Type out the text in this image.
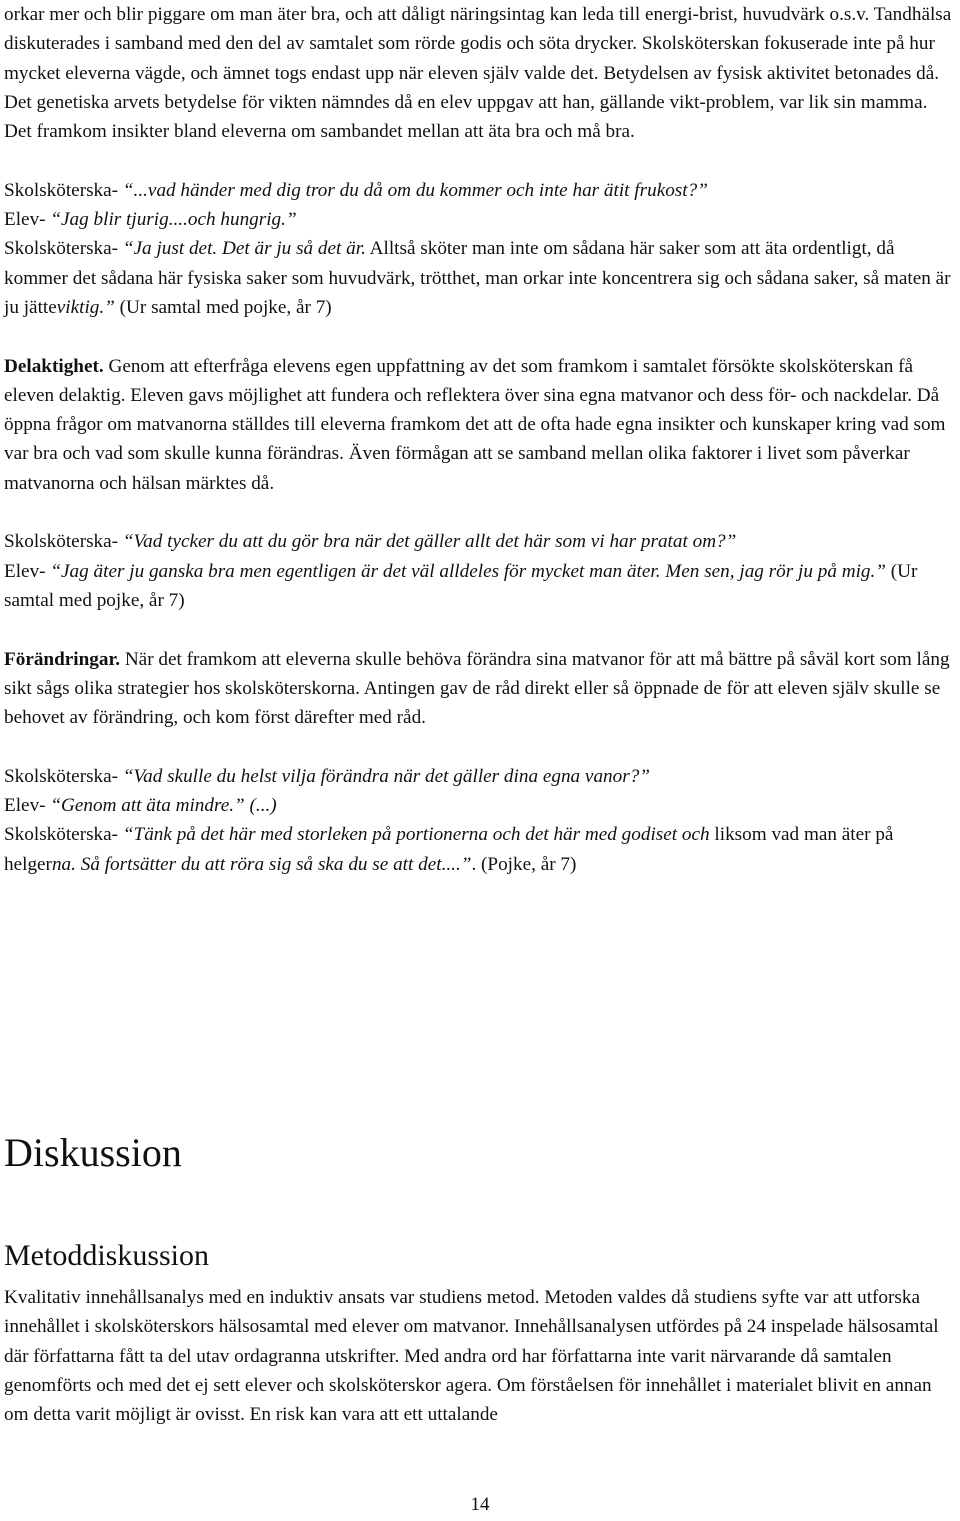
orkar mer och blir piggare om man äter bra, och att dåligt näringsintag kan leda till energi-brist, huvudvärk o.s.v. Tandhälsa diskuterades i samband med den del av samtalet som rörde godis och söta drycker. Skolsköterskan fokuserade inte på hur mycket eleverna vägde, och ämnet togs endast upp när eleven själv valde det. Betydelsen av fysisk aktivitet betonades då. Det genetiska arvets betydelse för vikten nämndes då en elev uppgav att han, gällande vikt-problem, var lik sin mamma. Det framkom insikter bland eleverna om sambandet mellan att äta bra och må bra.

Skolsköterska- “...vad händer med dig tror du då om du kommer och inte har ätit frukost?”

Elev- “Jag blir tjurig....och hungrig.”

Skolsköterska- “Ja just det. Det är ju så det är. Alltså sköter man inte om sådana här saker som att äta ordentligt, då kommer det sådana här fysiska saker som huvudvärk, trötthet, man orkar inte koncentrera sig och sådana saker, så maten är ju jätteviktig.” (Ur samtal med pojke, år 7)

Delaktighet. Genom att efterfråga elevens egen uppfattning av det som framkom i samtalet försökte skolsköterskan få eleven delaktig. Eleven gavs möjlighet att fundera och reflektera över sina egna matvanor och dess för- och nackdelar. Då öppna frågor om matvanorna ställdes till eleverna framkom det att de ofta hade egna insikter och kunskaper kring vad som var bra och vad som skulle kunna förändras. Även förmågan att se samband mellan olika faktorer i livet som påverkar matvanorna och hälsan märktes då.

Skolsköterska- “Vad tycker du att du gör bra när det gäller allt det här som vi har pratat om?”

Elev- “Jag äter ju ganska bra men egentligen är det väl alldeles för mycket man äter. Men sen, jag rör ju på mig.” (Ur samtal med pojke, år 7)

Förändringar. När det framkom att eleverna skulle behöva förändra sina matvanor för att må bättre på såväl kort som lång sikt sågs olika strategier hos skolsköterskorna. Antingen gav de råd direkt eller så öppnade de för att eleven själv skulle se behovet av förändring, och kom först därefter med råd.

Skolsköterska- “Vad skulle du helst vilja förändra när det gäller dina egna vanor?”

Elev- “Genom att äta mindre.” (...)

Skolsköterska- “Tänk på det här med storleken på portionerna och det här med godiset och liksom vad man äter på helgerna. Så fortsätter du att röra sig så ska du se att det....”. (Pojke, år 7)

Diskussion
Metoddiskussion

Kvalitativ innehållsanalys med en induktiv ansats var studiens metod. Metoden valdes då studiens syfte var att utforska innehållet i skolsköterskors hälsosamtal med elever om matvanor. Innehållsanalysen utfördes på 24 inspelade hälsosamtal där författarna fått ta del utav ordagranna utskrifter. Med andra ord har författarna inte varit närvarande då samtalen genomförts och med det ej sett elever och skolsköterskor agera. Om förståelsen för innehållet i materialet blivit en annan om detta varit möjligt är ovisst. En risk kan vara att ett uttalande

14
